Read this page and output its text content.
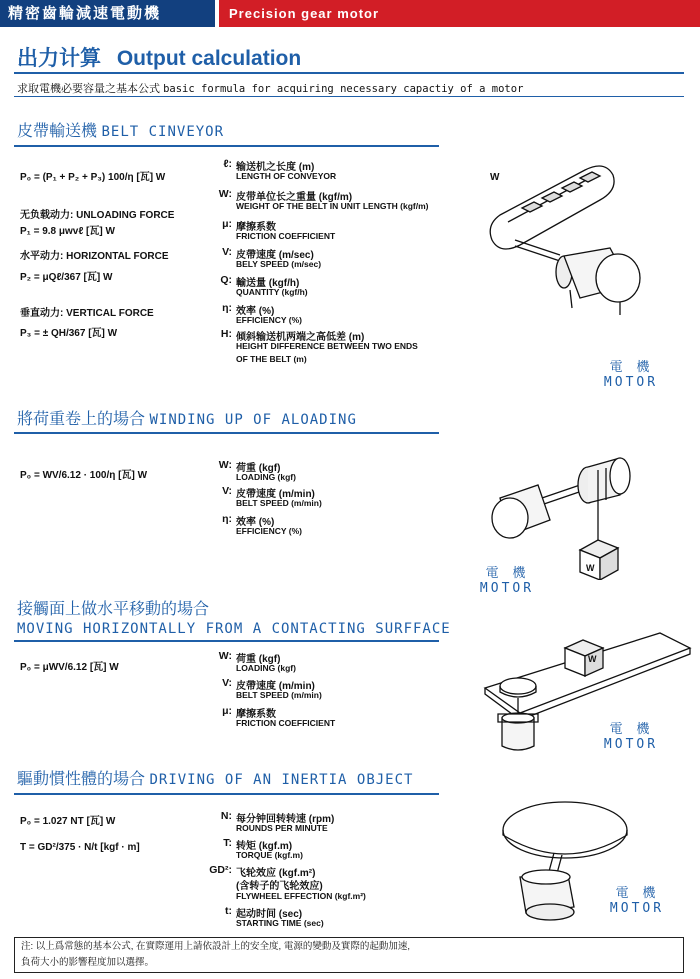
精密齒輪減速電動機	Precision gear motor
出力计算 Output calculation
求取電機必要容量之基本公式 basic formula for acquiring necessary capactiy of a motor
皮帶輸送機 BELT CINVEYOR
P₀ = (P₁ + P₂ + P₃) 100/η [瓦] W
无负载动力: UNLOADING FORCE
P₁ = 9.8 μwvℓ [瓦] W
水平动力: HORIZONTAL FORCE
P₂ = μQℓ/367 [瓦] W
垂直动力: VERTICAL FORCE
P₃ = ± QH/367 [瓦] W
ℓ: 输送机之长度 (m)
LENGTH OF CONVEYOR
W: 皮带单位长之重量 (kgf/m)
WEIGHT OF THE BELT IN UNIT LENGTH (kgf/m)
μ: 摩擦系数
FRICTION COEFFICIENT
V: 皮帶速度 (m/sec)
BELY SPEED (m/sec)
Q: 輸送量 (kgf/h)
QUANTITY (kgf/h)
η: 效率 (%)
EFFICIENCY (%)
H: 倾斜输送机两端之高低差 (m)
HEIGHT DIFFERENCE BETWEEN TWO ENDS
OF THE BELT (m)
W
電 機
MOTOR
將荷重卷上的場合 WINDING UP OF ALOADING
P₀ = WV/6.12 · 100/η [瓦] W
W: 荷重 (kgf)
LOADING (kgf)
V: 皮帶速度 (m/min)
BELT SPEED (m/min)
η: 效率 (%)
EFFICIENCY (%)
W
電 機
MOTOR
接觸面上做水平移動的場合
MOVING HORIZONTALLY FROM A CONTACTING SURFFACE
P₀ = μWV/6.12 [瓦] W
W: 荷重 (kgf)
LOADING (kgf)
V: 皮帶速度 (m/min)
BELT SPEED (m/min)
μ: 摩擦系数
FRICTION COEFFICIENT
W
電 機
MOTOR
驅動慣性體的場合 DRIVING OF AN INERTIA OBJECT
P₀ = 1.027 NT [瓦] W
T = GD²/375 · N/t [kgf · m]
N: 每分钟回转转速 (rpm)
ROUNDS PER MINUTE
T: 转矩 (kgf.m)
TORQUE (kgf.m)
GD²: 飞轮效应 (kgf.m²)
(含转子的飞轮效应)
FLYWHEEL EFFECTION (kgf.m²)
t: 起动时间 (sec)
STARTING TIME (sec)
電 機
MOTOR
注: 以上爲常態的基本公式, 在實際運用上請依設計上的安全度, 電源的變動及實際的起動加速,
負荷大小的影響程度加以選擇。
